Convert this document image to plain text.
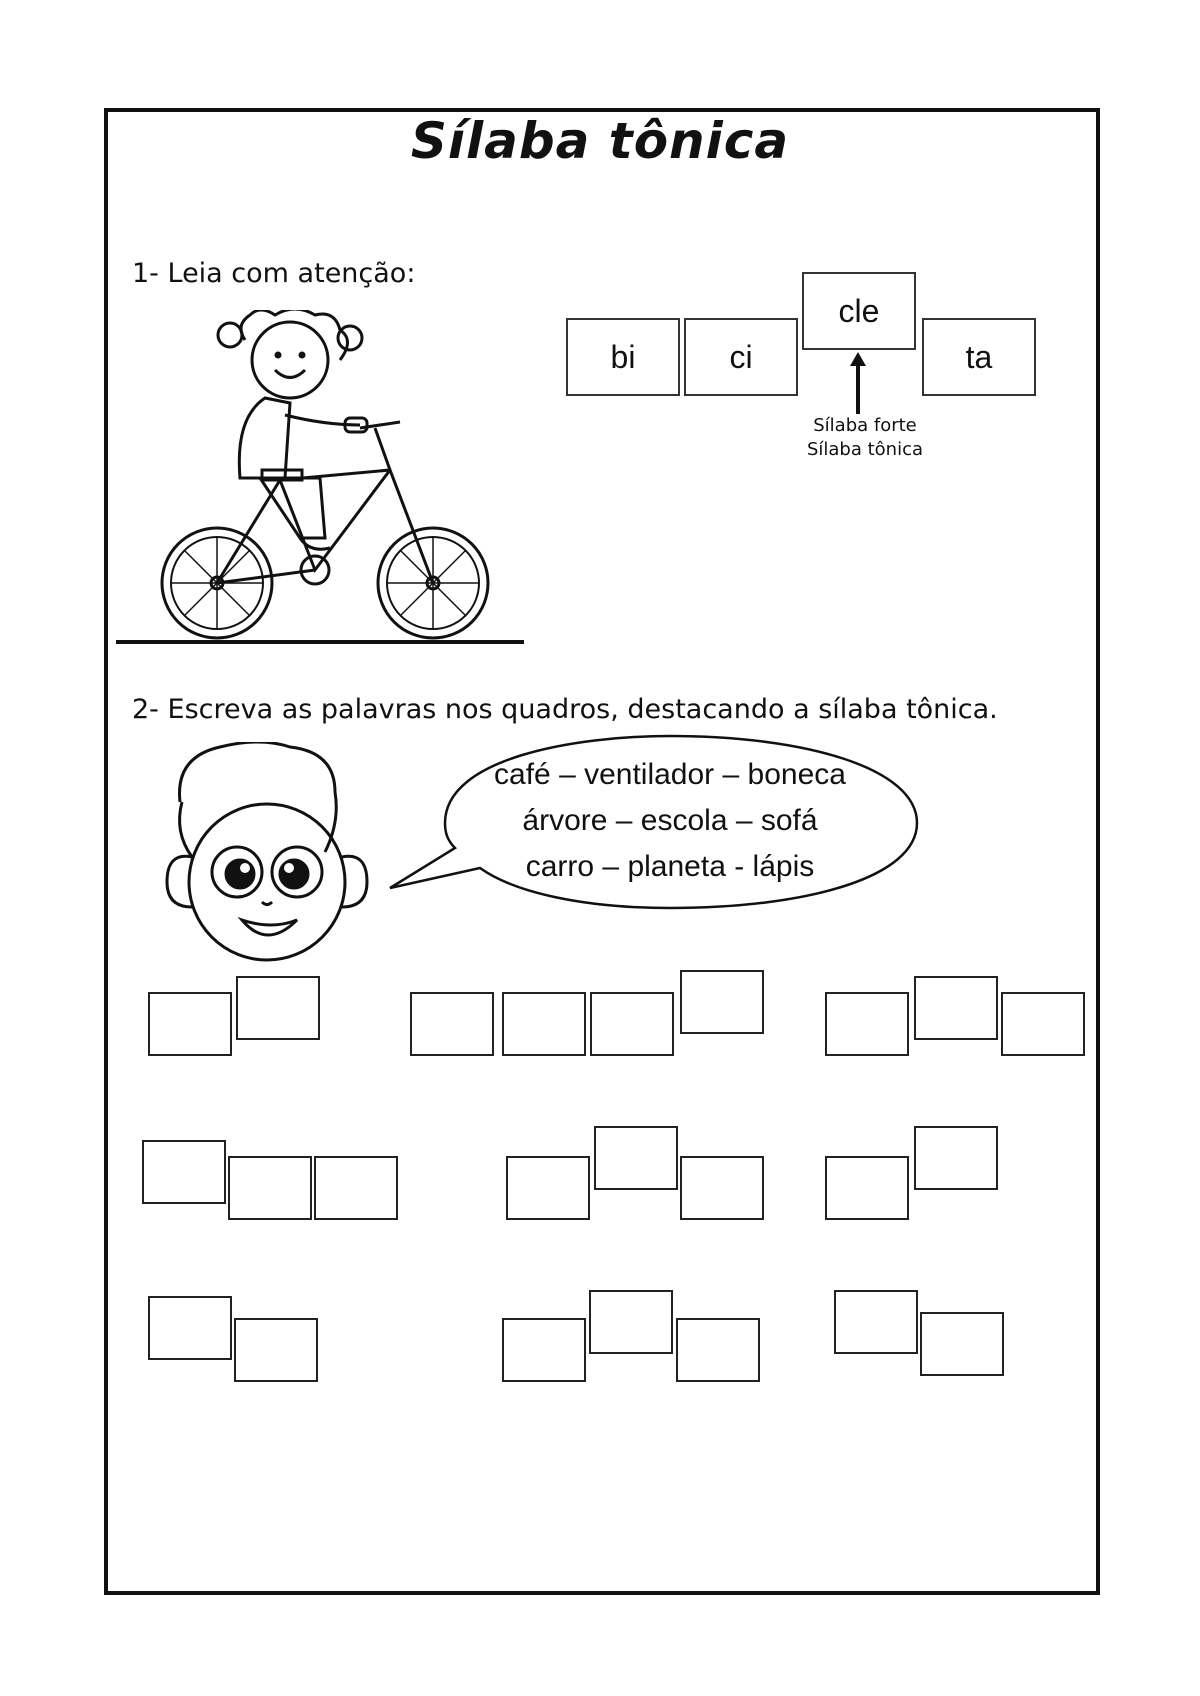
Sílaba tônica
1- Leia com atenção:
bi	ci
cle
ta
Sílaba forte
Sílaba tônica
2- Escreva as palavras nos quadros, destacando a sílaba tônica.
café – ventilador – boneca
árvore – escola – sofá
carro – planeta - lápis
